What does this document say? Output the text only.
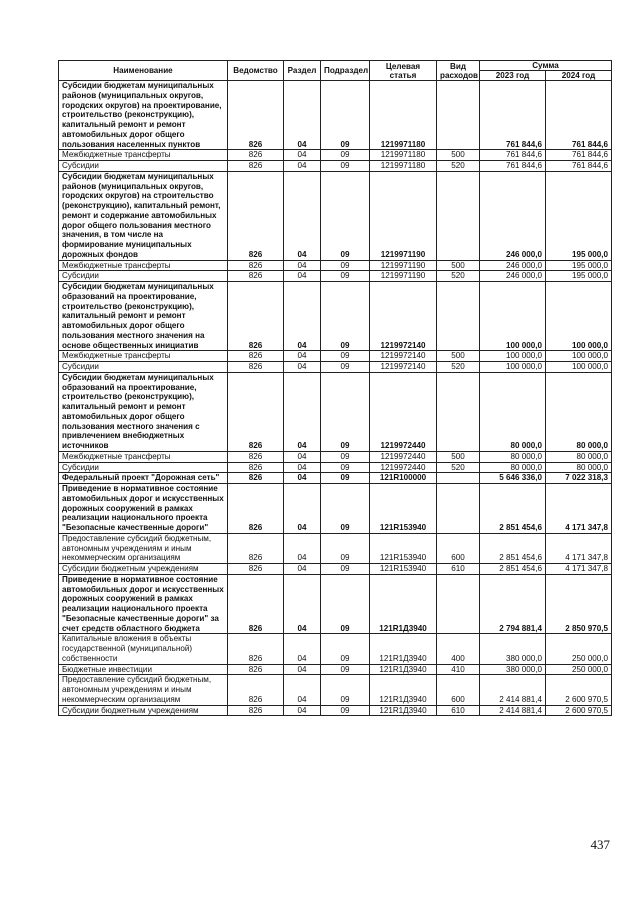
Наименование	Ведомство	Раздел	Подраздел	Целевая статья	Вид расходов	Сумма	
						2023 год	2024 год
Субсидии бюджетам муниципальных районов (муниципальных округов, городских округов) на проектирование, строительство (реконструкцию), капитальный ремонт и ремонт автомобильных дорог общего пользования населенных пунктов	826	04	09	1219971180		761 844,6	761 844,6
Межбюджетные трансферты	826	04	09	1219971180	500	761 844,6	761 844,6
Субсидии	826	04	09	1219971180	520	761 844,6	761 844,6
Субсидии бюджетам муниципальных районов (муниципальных округов, городских округов) на строительство (реконструкцию), капитальный ремонт, ремонт и содержание автомобильных дорог общего пользования местного значения, в том числе на формирование муниципальных дорожных фондов	826	04	09	1219971190		246 000,0	195 000,0
Межбюджетные трансферты	826	04	09	1219971190	500	246 000,0	195 000,0
Субсидии	826	04	09	1219971190	520	246 000,0	195 000,0
Субсидии бюджетам муниципальных образований на проектирование, строительство (реконструкцию), капитальный ремонт и ремонт автомобильных дорог общего пользования местного значения на основе общественных инициатив	826	04	09	1219972140		100 000,0	100 000,0
Межбюджетные трансферты	826	04	09	1219972140	500	100 000,0	100 000,0
Субсидии	826	04	09	1219972140	520	100 000,0	100 000,0
Субсидии бюджетам муниципальных образований на проектирование, строительство (реконструкцию), капитальный ремонт и ремонт автомобильных дорог общего пользования местного значения с привлечением внебюджетных источников	826	04	09	1219972440		80 000,0	80 000,0
Межбюджетные трансферты	826	04	09	1219972440	500	80 000,0	80 000,0
Субсидии	826	04	09	1219972440	520	80 000,0	80 000,0
Федеральный проект "Дорожная сеть"	826	04	09	121R100000		5 646 336,0	7 022 318,3
Приведение в нормативное состояние автомобильных дорог и искусственных дорожных сооружений в рамках реализации национального проекта "Безопасные качественные дороги"	826	04	09	121R153940		2 851 454,6	4 171 347,8
Предоставление субсидий бюджетным, автономным учреждениям и иным некоммерческим организациям	826	04	09	121R153940	600	2 851 454,6	4 171 347,8
Субсидии бюджетным учреждениям	826	04	09	121R153940	610	2 851 454,6	4 171 347,8
Приведение в нормативное состояние автомобильных дорог и искусственных дорожных сооружений в рамках реализации национального проекта "Безопасные качественные дороги" за счет средств областного бюджета	826	04	09	121R1Д3940		2 794 881,4	2 850 970,5
Капитальные вложения в объекты государственной (муниципальной) собственности	826	04	09	121R1Д3940	400	380 000,0	250 000,0
Бюджетные инвестиции	826	04	09	121R1Д3940	410	380 000,0	250 000,0
Предоставление субсидий бюджетным, автономным учреждениям и иным некоммерческим организациям	826	04	09	121R1Д3940	600	2 414 881,4	2 600 970,5
Субсидии бюджетным учреждениям	826	04	09	121R1Д3940	610	2 414 881,4	2 600 970,5
437
